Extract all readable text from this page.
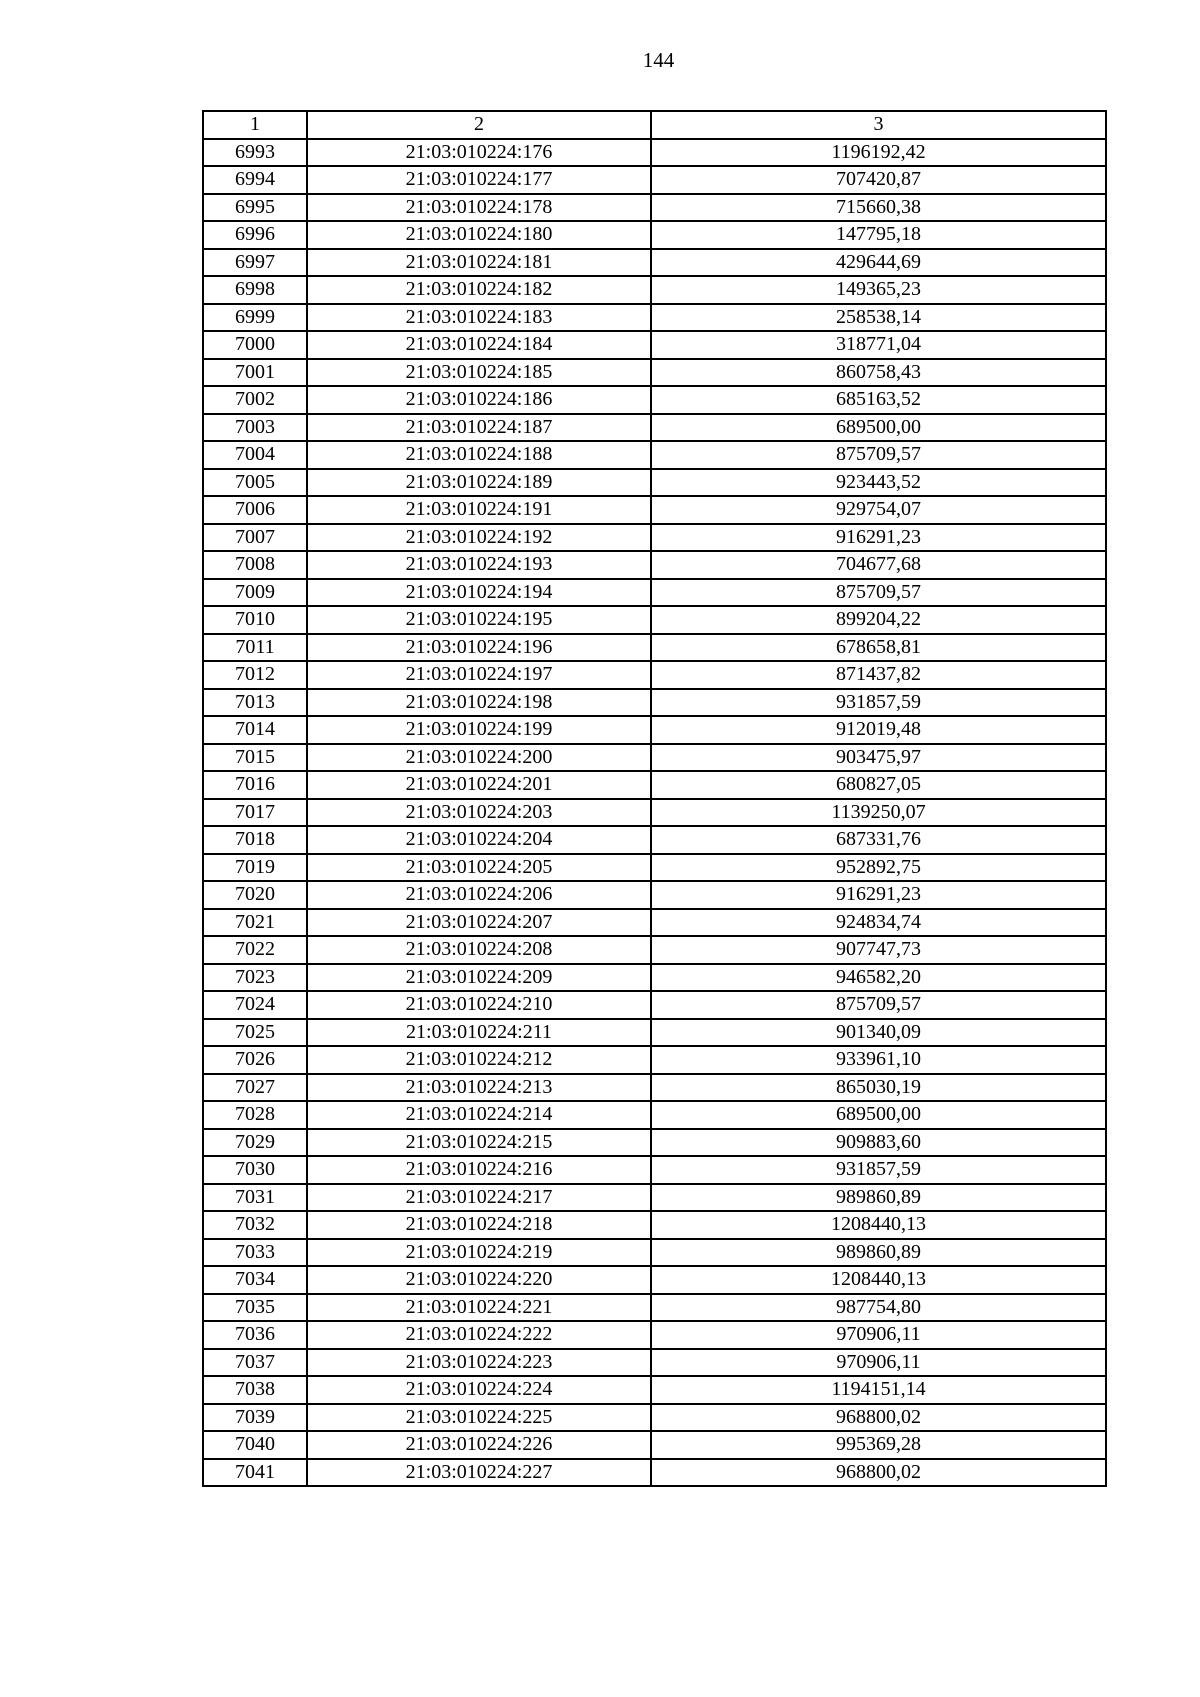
144
1	2	3
6993	21:03:010224:176	1196192,42
6994	21:03:010224:177	707420,87
6995	21:03:010224:178	715660,38
6996	21:03:010224:180	147795,18
6997	21:03:010224:181	429644,69
6998	21:03:010224:182	149365,23
6999	21:03:010224:183	258538,14
7000	21:03:010224:184	318771,04
7001	21:03:010224:185	860758,43
7002	21:03:010224:186	685163,52
7003	21:03:010224:187	689500,00
7004	21:03:010224:188	875709,57
7005	21:03:010224:189	923443,52
7006	21:03:010224:191	929754,07
7007	21:03:010224:192	916291,23
7008	21:03:010224:193	704677,68
7009	21:03:010224:194	875709,57
7010	21:03:010224:195	899204,22
7011	21:03:010224:196	678658,81
7012	21:03:010224:197	871437,82
7013	21:03:010224:198	931857,59
7014	21:03:010224:199	912019,48
7015	21:03:010224:200	903475,97
7016	21:03:010224:201	680827,05
7017	21:03:010224:203	1139250,07
7018	21:03:010224:204	687331,76
7019	21:03:010224:205	952892,75
7020	21:03:010224:206	916291,23
7021	21:03:010224:207	924834,74
7022	21:03:010224:208	907747,73
7023	21:03:010224:209	946582,20
7024	21:03:010224:210	875709,57
7025	21:03:010224:211	901340,09
7026	21:03:010224:212	933961,10
7027	21:03:010224:213	865030,19
7028	21:03:010224:214	689500,00
7029	21:03:010224:215	909883,60
7030	21:03:010224:216	931857,59
7031	21:03:010224:217	989860,89
7032	21:03:010224:218	1208440,13
7033	21:03:010224:219	989860,89
7034	21:03:010224:220	1208440,13
7035	21:03:010224:221	987754,80
7036	21:03:010224:222	970906,11
7037	21:03:010224:223	970906,11
7038	21:03:010224:224	1194151,14
7039	21:03:010224:225	968800,02
7040	21:03:010224:226	995369,28
7041	21:03:010224:227	968800,02
